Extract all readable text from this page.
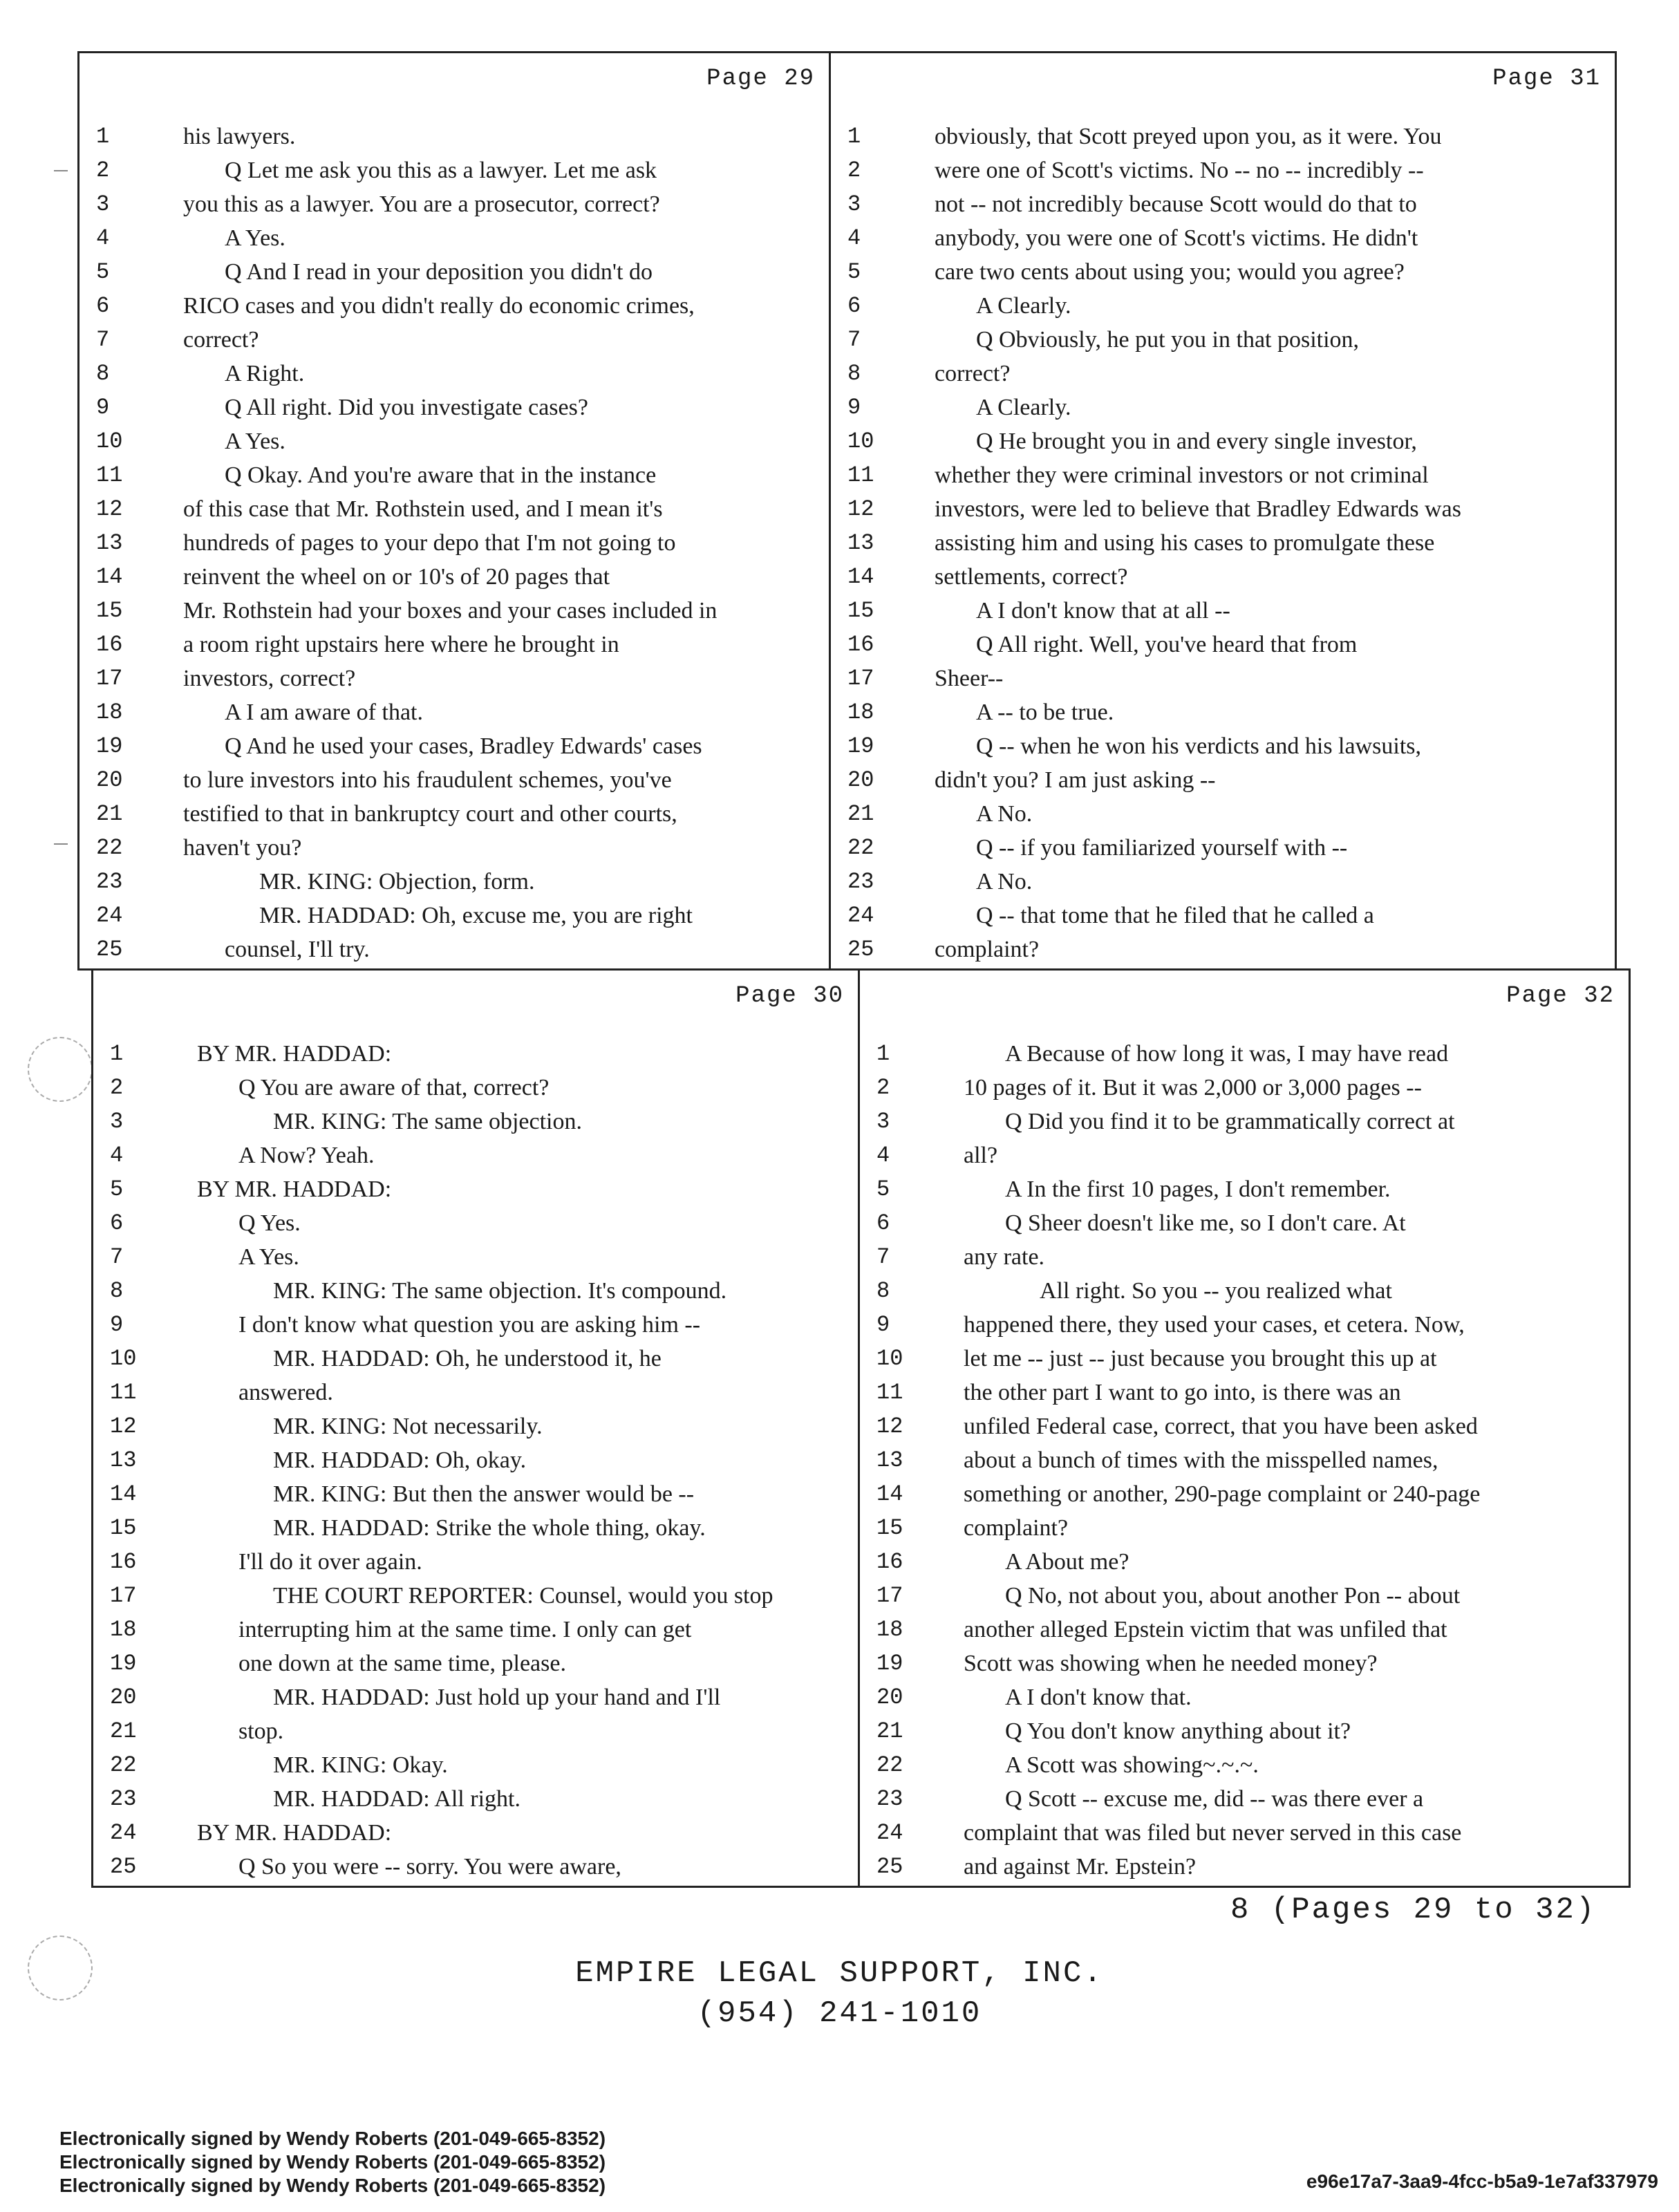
Page 29
1	his lawyers.
2	Q Let me ask you this as a lawyer. Let me ask
3	you this as a lawyer. You are a prosecutor, correct?
4	A Yes.
5	Q And I read in your deposition you didn't do
6	RICO cases and you didn't really do economic crimes,
7	correct?
8	A Right.
9	Q All right. Did you investigate cases?
10	A Yes.
11	Q Okay. And you're aware that in the instance
12	of this case that Mr. Rothstein used, and I mean it's
13	hundreds of pages to your depo that I'm not going to
14	reinvent the wheel on or 10's of 20 pages that
15	Mr. Rothstein had your boxes and your cases included in
16	a room right upstairs here where he brought in
17	investors, correct?
18	A I am aware of that.
19	Q And he used your cases, Bradley Edwards' cases
20	to lure investors into his fraudulent schemes, you've
21	testified to that in bankruptcy court and other courts,
22	haven't you?
23	MR. KING: Objection, form.
24	MR. HADDAD: Oh, excuse me, you are right
25	counsel, I'll try.
Page 31
1	obviously, that Scott preyed upon you, as it were. You
2	were one of Scott's victims. No -- no -- incredibly --
3	not -- not incredibly because Scott would do that to
4	anybody, you were one of Scott's victims. He didn't
5	care two cents about using you; would you agree?
6	A Clearly.
7	Q Obviously, he put you in that position,
8	correct?
9	A Clearly.
10	Q He brought you in and every single investor,
11	whether they were criminal investors or not criminal
12	investors, were led to believe that Bradley Edwards was
13	assisting him and using his cases to promulgate these
14	settlements, correct?
15	A I don't know that at all --
16	Q All right. Well, you've heard that from
17	Sheer--
18	A -- to be true.
19	Q -- when he won his verdicts and his lawsuits,
20	didn't you? I am just asking --
21	A No.
22	Q -- if you familiarized yourself with --
23	A No.
24	Q -- that tome that he filed that he called a
25	complaint?
Page 30
1	BY MR. HADDAD:
2	Q You are aware of that, correct?
3	MR. KING: The same objection.
4	A Now? Yeah.
5	BY MR. HADDAD:
6	Q Yes.
7	A Yes.
8	MR. KING: The same objection. It's compound.
9	I don't know what question you are asking him --
10	MR. HADDAD: Oh, he understood it, he
11	answered.
12	MR. KING: Not necessarily.
13	MR. HADDAD: Oh, okay.
14	MR. KING: But then the answer would be --
15	MR. HADDAD: Strike the whole thing, okay.
16	I'll do it over again.
17	THE COURT REPORTER: Counsel, would you stop
18	interrupting him at the same time. I only can get
19	one down at the same time, please.
20	MR. HADDAD: Just hold up your hand and I'll
21	stop.
22	MR. KING: Okay.
23	MR. HADDAD: All right.
24	BY MR. HADDAD:
25	Q So you were -- sorry. You were aware,
Page 32
1	A Because of how long it was, I may have read
2	10 pages of it. But it was 2,000 or 3,000 pages --
3	Q Did you find it to be grammatically correct at
4	all?
5	A In the first 10 pages, I don't remember.
6	Q Sheer doesn't like me, so I don't care. At
7	any rate.
8	All right. So you -- you realized what
9	happened there, they used your cases, et cetera. Now,
10	let me -- just -- just because you brought this up at
11	the other part I want to go into, is there was an
12	unfiled Federal case, correct, that you have been asked
13	about a bunch of times with the misspelled names,
14	something or another, 290-page complaint or 240-page
15	complaint?
16	A About me?
17	Q No, not about you, about another Pon -- about
18	another alleged Epstein victim that was unfiled that
19	Scott was showing when he needed money?
20	A I don't know that.
21	Q You don't know anything about it?
22	A Scott was showing~.~.~.
23	Q Scott -- excuse me, did -- was there ever a
24	complaint that was filed but never served in this case
25	and against Mr. Epstein?
8 (Pages 29 to 32)
EMPIRE LEGAL SUPPORT, INC.
(954) 241-1010
Electronically signed by Wendy Roberts (201-049-665-8352)
Electronically signed by Wendy Roberts (201-049-665-8352)
Electronically signed by Wendy Roberts (201-049-665-8352)	e96e17a7-3aa9-4fcc-b5a9-1e7af337979
